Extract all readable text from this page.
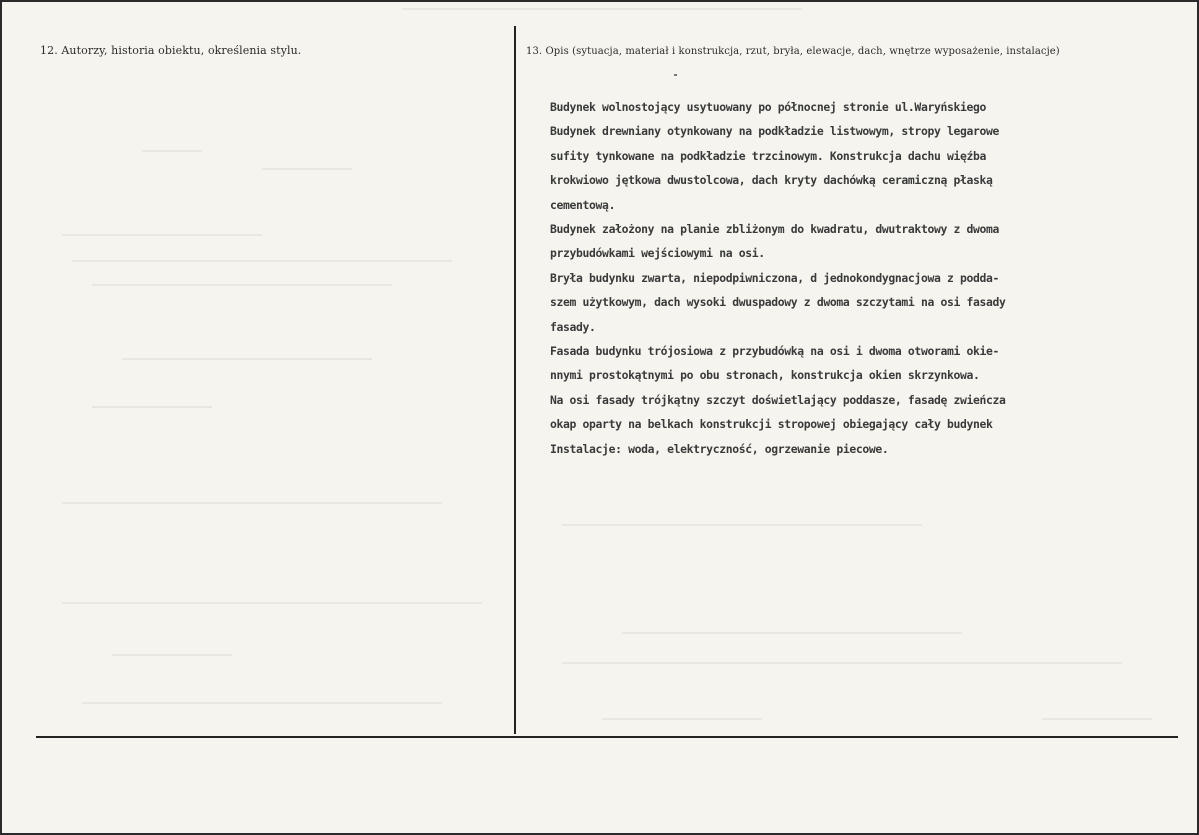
12. Autorzy, historia obiektu, określenia stylu.	13. Opis (sytuacja, materiał i konstrukcja, rzut, bryła, elewacje, dach, wnętrze wyposażenie, instalacje)
Budynek wolnostojący usytuowany po północnej stronie ul.Waryńskiego
Budynek drewniany otynkowany na podkładzie listwowym, stropy legarowe
sufity tynkowane na podkładzie trzcinowym. Konstrukcja dachu więźba
krokwiowo jętkowa dwustolcowa, dach kryty dachówką ceramiczną płaską
cementową.
Budynek założony na planie zbliżonym do kwadratu, dwutraktowy z dwoma
przybudówkami wejściowymi na osi.
Bryła budynku zwarta, niepodpiwniczona, d jednokondygnacjowa z podda-
szem użytkowym, dach wysoki dwuspadowy z dwoma szczytami na osi fasady
fasady.
Fasada budynku trójosiowa z przybudówką na osi i dwoma otworami okie-
nnymi prostokątnymi po obu stronach, konstrukcja okien skrzynkowa.
Na osi fasady trójkątny szczyt doświetlający poddasze, fasadę zwieńcza
okap oparty na belkach konstrukcji stropowej obiegający cały budynek
Instalacje: woda, elektryczność, ogrzewanie piecowe.
